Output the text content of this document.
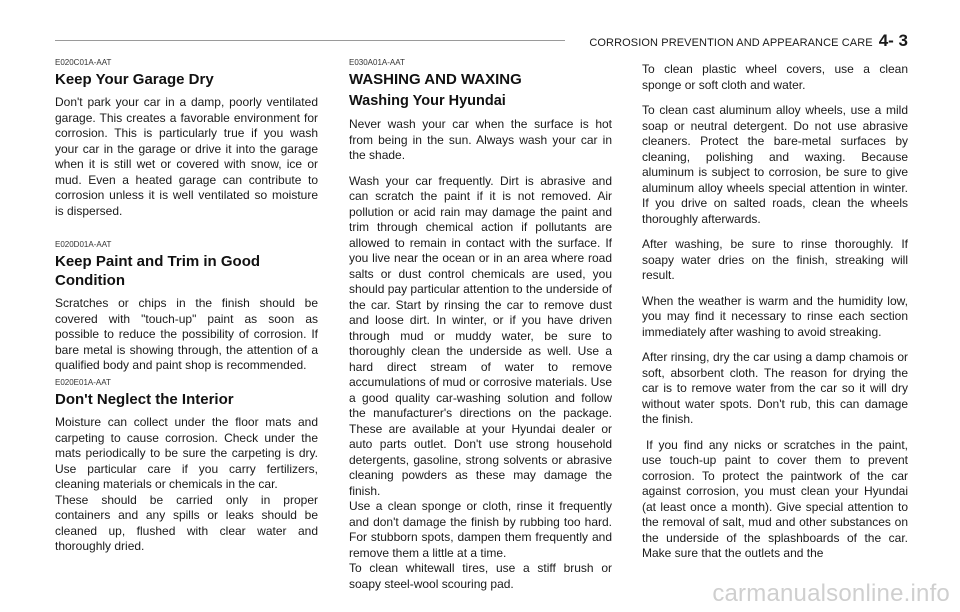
CORROSION PREVENTION AND APPEARANCE CARE 4- 3

E020C01A-AAT

Keep Your Garage Dry

Don't park your car in a damp, poorly ventilated garage. This creates a favorable environment for corrosion. This is particularly true if you wash your car in the garage or drive it into the garage when it is still wet or covered with snow, ice or mud. Even a heated garage can contribute to corrosion unless it is well ventilated so moisture is dispersed.

E020D01A-AAT

Keep Paint and Trim in Good Condition

Scratches or chips in the finish should be covered with "touch-up" paint as soon as possible to reduce the possibility of corrosion. If bare metal is showing through, the attention of a qualified body and paint shop is recommended.

E020E01A-AAT

Don't Neglect the Interior

Moisture can collect under the floor mats and carpeting to cause corrosion. Check under the mats periodically to be sure the carpeting is dry. Use particular care if you carry fertilizers, cleaning materials or chemicals in the car.

These should be carried only in proper containers and any spills or leaks should be cleaned up, flushed with clear water and thoroughly dried.

E030A01A-AAT

WASHING AND WAXING
Washing Your Hyundai

Never wash your car when the surface is hot from being in the sun. Always wash your car in the shade.

Wash your car frequently. Dirt is abrasive and can scratch the paint if it is not removed. Air pollution or acid rain may damage the paint and trim through chemical action if pollutants are allowed to remain in contact with the surface. If you live near the ocean or in an area where road salts or dust control chemicals are used, you should pay particular attention to the underside of the car. Start by rinsing the car to remove dust and loose dirt. In winter, or if you have driven through mud or muddy water, be sure to thoroughly clean the underside as well. Use a hard direct stream of water to remove accumulations of mud or corrosive materials. Use a good quality car-washing solution and follow the manufacturer's directions on the package. These are available at your Hyundai dealer or auto parts outlet. Don't use strong household detergents, gasoline, strong solvents or abrasive cleaning powders as these may damage the finish.

Use a clean sponge or cloth, rinse it frequently and don't damage the finish by rubbing too hard. For stubborn spots, dampen them frequently and remove them a little at a time.

To clean whitewall tires, use a stiff brush or soapy steel-wool scouring pad.

To clean plastic wheel covers, use a clean sponge or soft cloth and water.

To clean cast aluminum alloy wheels, use a mild soap or neutral detergent. Do not use abrasive cleaners. Protect the bare-metal surfaces by cleaning, polishing and waxing. Because aluminum is subject to corrosion, be sure to give aluminum alloy wheels special attention in winter. If you drive on salted roads, clean the wheels thoroughly afterwards.

After washing, be sure to rinse thoroughly. If soapy water dries on the finish, streaking will result.

When the weather is warm and the humidity low, you may find it necessary to rinse each section immediately after washing to avoid streaking.

After rinsing, dry the car using a damp chamois or soft, absorbent cloth. The reason for drying the car is to remove water from the car so it will dry without water spots. Don't rub, this can damage the finish.

If you find any nicks or scratches in the paint, use touch-up paint to cover them to prevent corrosion. To protect the paintwork of the car against corrosion, you must clean your Hyundai (at least once a month). Give special attention to the removal of salt, mud and other substances on the underside of the splashboards of the car. Make sure that the outlets and the

carmanualsonline.info
